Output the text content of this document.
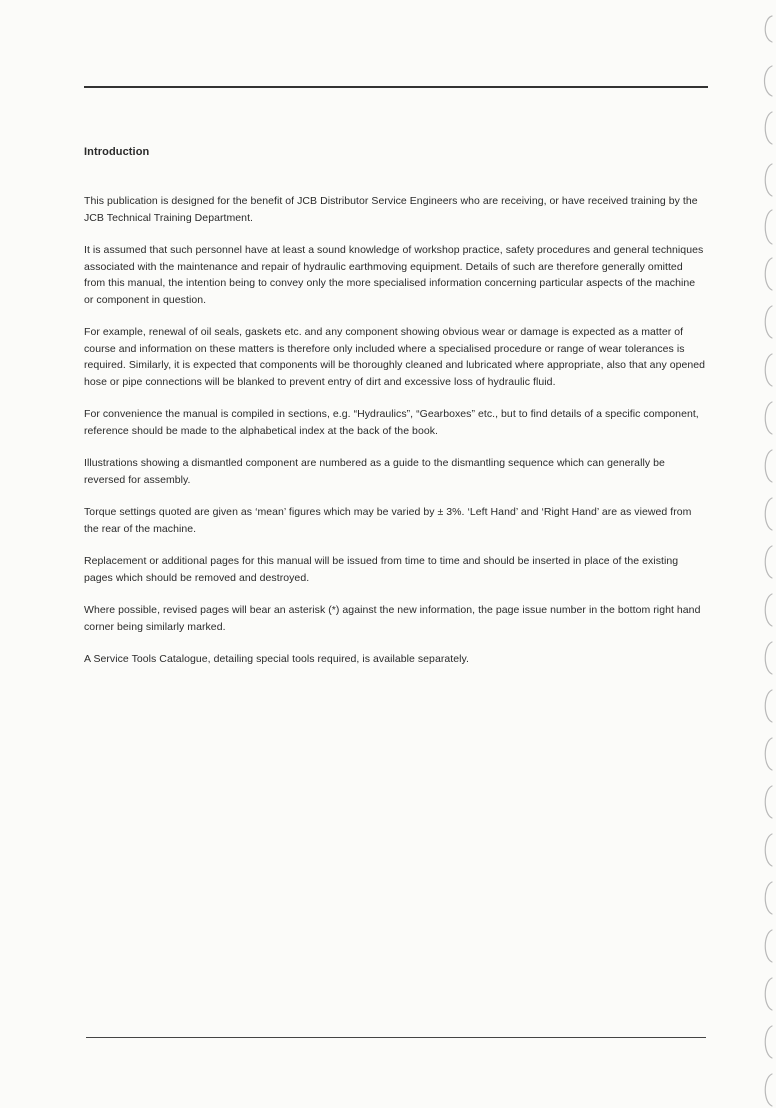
Introduction

This publication is designed for the benefit of JCB Distributor Service Engineers who are receiving, or have received training by the JCB Technical Training Department.

It is assumed that such personnel have at least a sound knowledge of workshop practice, safety procedures and general techniques associated with the maintenance and repair of hydraulic earthmoving equipment. Details of such are therefore generally omitted from this manual, the intention being to convey only the more specialised information concerning particular aspects of the machine or component in question.

For example, renewal of oil seals, gaskets etc. and any component showing obvious wear or damage is expected as a matter of course and information on these matters is therefore only included where a specialised procedure or range of wear tolerances is required. Similarly, it is expected that components will be thoroughly cleaned and lubricated where appropriate, also that any opened hose or pipe connections will be blanked to prevent entry of dirt and excessive loss of hydraulic fluid.

For convenience the manual is compiled in sections, e.g. “Hydraulics”, “Gearboxes” etc., but to find details of a specific component, reference should be made to the alphabetical index at the back of the book.

Illustrations showing a dismantled component are numbered as a guide to the dismantling sequence which can generally be reversed for assembly.

Torque settings quoted are given as ‘mean’ figures which may be varied by ± 3%. ‘Left Hand’ and ‘Right Hand’ are as viewed from the rear of the machine.

Replacement or additional pages for this manual will be issued from time to time and should be inserted in place of the existing pages which should be removed and destroyed.

Where possible, revised pages will bear an asterisk (*) against the new information, the page issue number in the bottom right hand corner being similarly marked.

A Service Tools Catalogue, detailing special tools required, is available separately.
